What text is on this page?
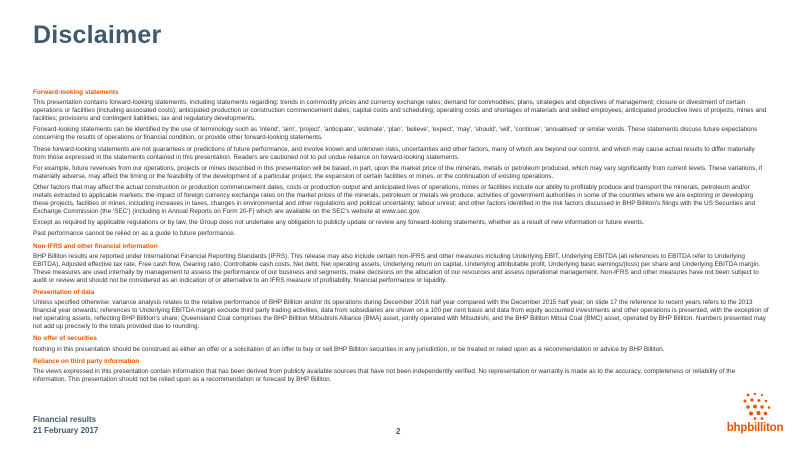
Disclaimer
Forward-looking statements

This presentation contains forward-looking statements, including statements regarding: trends in commodity prices and currency exchange rates; demand for commodities; plans, strategies and objectives of management; closure or divestment of certain operations or facilities (including associated costs); anticipated production or construction commencement dates; capital costs and scheduling; operating costs and shortages of materials and skilled employees; anticipated productive lives of projects, mines and facilities; provisions and contingent liabilities; tax and regulatory developments.

Forward-looking statements can be identified by the use of terminology such as 'intend', 'aim', 'project', 'anticipate', 'estimate', 'plan', 'believe', 'expect', 'may', 'should', 'will', 'continue', 'annualised' or similar words. These statements discuss future expectations concerning the results of operations or financial condition, or provide other forward-looking statements.

These forward-looking statements are not guarantees or predictions of future performance, and involve known and unknown risks, uncertainties and other factors, many of which are beyond our control, and which may cause actual results to differ materially from those expressed in the statements contained in this presentation. Readers are cautioned not to put undue reliance on forward-looking statements.

For example, future revenues from our operations, projects or mines described in this presentation will be based, in part, upon the market price of the minerals, metals or petroleum produced, which may vary significantly from current levels. These variations, if materially adverse, may affect the timing or the feasibility of the development of a particular project, the expansion of certain facilities or mines, or the continuation of existing operations.

Other factors that may affect the actual construction or production commencement dates, costs or production output and anticipated lives of operations, mines or facilities include our ability to profitably produce and transport the minerals, petroleum and/or metals extracted to applicable markets; the impact of foreign currency exchange rates on the market prices of the minerals, petroleum or metals we produce; activities of government authorities in some of the countries where we are exploring or developing these projects, facilities or mines, including increases in taxes, changes in environmental and other regulations and political uncertainty; labour unrest; and other factors identified in the risk factors discussed in BHP Billiton's filings with the US Securities and Exchange Commission (the 'SEC') (including in Annual Reports on Form 20-F) which are available on the SEC's website at www.sec.gov.

Except as required by applicable regulations or by law, the Group does not undertake any obligation to publicly update or review any forward-looking statements, whether as a result of new information or future events.

Past performance cannot be relied on as a guide to future performance.

Non-IFRS and other financial information

BHP Billiton results are reported under International Financial Reporting Standards (IFRS). This release may also include certain non-IFRS and other measures including Underlying EBIT, Underlying EBITDA (all references to EBITDA refer to Underlying EBITDA), Adjusted effective tax rate, Free cash flow, Gearing ratio, Controllable cash costs, Net debt, Net operating assets, Underlying return on capital, Underlying attributable profit, Underlying basic earnings/(loss) per share and Underlying EBITDA margin. These measures are used internally by management to assess the performance of our business and segments, make decisions on the allocation of our resources and assess operational management. Non-IFRS and other measures have not been subject to audit or review and should not be considered as an indication of or alternative to an IFRS measure of profitability, financial performance or liquidity.

Presentation of data

Unless specified otherwise: variance analysis relates to the relative performance of BHP Billiton and/or its operations during December 2016 half year compared with the December 2015 half year; on slide 17 the reference to recent years refers to the 2013 financial year onwards; references to Underlying EBITDA margin exclude third party trading activities; data from subsidiaries are shown on a 100 per cent basis and data from equity accounted investments and other operations is presented, with the exception of net operating assets, reflecting BHP Billiton's share; Queensland Coal comprises the BHP Billiton Mitsubishi Alliance (BMA) asset, jointly operated with Mitsubishi, and the BHP Billiton Mitsui Coal (BMC) asset, operated by BHP Billiton. Numbers presented may not add up precisely to the totals provided due to rounding.

No offer of securities

Nothing in this presentation should be construed as either an offer or a solicitation of an offer to buy or sell BHP Billiton securities in any jurisdiction, or be treated or relied upon as a recommendation or advice by BHP Billiton.

Reliance on third party information

The views expressed in this presentation contain information that has been derived from publicly available sources that have not been independently verified. No representation or warranty is made as to the accuracy, completeness or reliability of the information. This presentation should not be relied upon as a recommendation or forecast by BHP Billiton.

Financial results
21 February 2017	2	bhpbilliton
